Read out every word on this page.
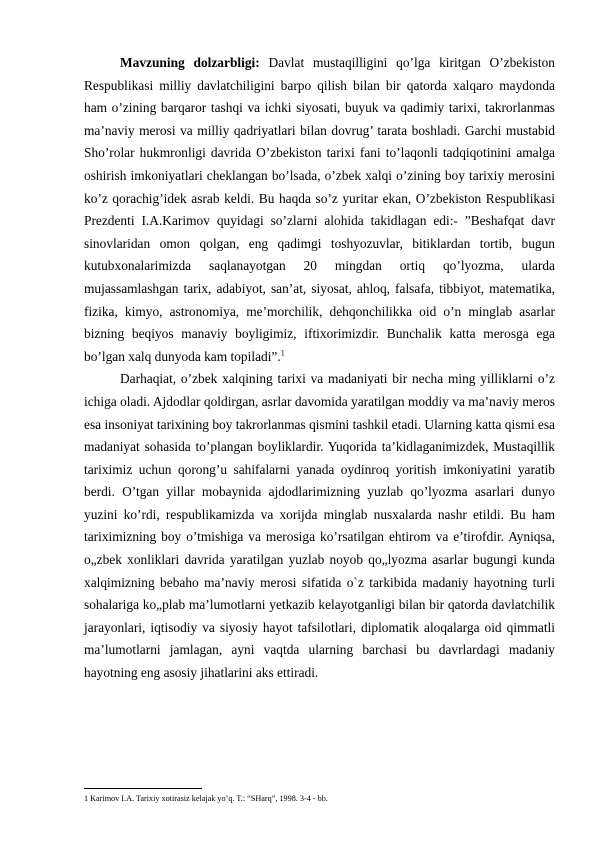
Mavzuning dolzarbligi: Davlat mustaqilligini qo’lga kiritgan O’zbekiston Respublikasi milliy davlatchiligini barpo qilish bilan bir qatorda xalqaro maydonda ham o’zining barqaror tashqi va ichki siyosati, buyuk va qadimiy tarixi, takrorlanmas ma’naviy merosi va milliy qadriyatlari bilan dovrug’ tarata boshladi. Garchi mustabid Sho’rolar hukmronligi davrida O’zbekiston tarixi fani to’laqonli tadqiqotinini amalga oshirish imkoniyatlari cheklangan bo’lsada, o’zbek xalqi o’zining boy tarixiy merosini ko’z qorachig’idek asrab keldi. Bu haqda so’z yuritar ekan, O’zbekiston Respublikasi Prezdenti I.A.Karimov quyidagi so’zlarni alohida takidlagan edi:- ”Beshafqat davr sinovlaridan omon qolgan, eng qadimgi toshyozuvlar, bitiklardan tortib, bugun kutubxonalarimizda saqlanayotgan 20 mingdan ortiq qo’lyozma, ularda mujassamlashgan tarix, adabiyot, san’at, siyosat, ahloq, falsafa, tibbiyot, matematika, fizika, kimyo, astronomiya, me’morchilik, dehqonchilikka oid o’n minglab asarlar bizning beqiyos manaviy boyligimiz, iftixorimizdir. Bunchalik katta merosga ega bo’lgan xalq dunyoda kam topiladi”.$^1$

Darhaqiat, o’zbek xalqining tarixi va madaniyati bir necha ming yilliklarni o’z ichiga oladi. Ajdodlar qoldirgan, asrlar davomida yaratilgan moddiy va ma’naviy meros esa insoniyat tarixining boy takrorlanmas qismini tashkil etadi. Ularning katta qismi esa madaniyat sohasida to’plangan boyliklardir. Yuqorida ta’kidlaganimizdek, Mustaqillik tariximiz uchun qorong’u sahifalarni yanada oydinroq yoritish imkoniyatini yaratib berdi. O’tgan yillar mobaynida ajdodlarimizning yuzlab qo’lyozma asarlari dunyo yuzini ko’rdi, respublikamizda va xorijda minglab nusxalarda nashr etildi. Bu ham tariximizning boy o’tmishiga va merosiga ko’rsatilgan ehtirom va e’tirofdir. Ayniqsa, o„zbek xonliklari davrida yaratilgan yuzlab noyob qo„lyozma asarlar bugungi kunda xalqimizning bebaho ma’naviy merosi sifatida o`z tarkibida madaniy hayotning turli sohalariga ko„plab ma’lumotlarni yetkazib kelayotganligi bilan bir qatorda davlatchilik jarayonlari, iqtisodiy va siyosiy hayot tafsilotlari, diplomatik aloqalarga oid qimmatli ma’lumotlarni jamlagan, ayni vaqtda ularning barchasi bu davrlardagi madaniy hayotning eng asosiy jihatlarini aks ettiradi.

1 Karimov I.A. Tarixiy xotirasiz kelajak yo’q. T.: “SHarq”, 1998. 3-4 - bb.
